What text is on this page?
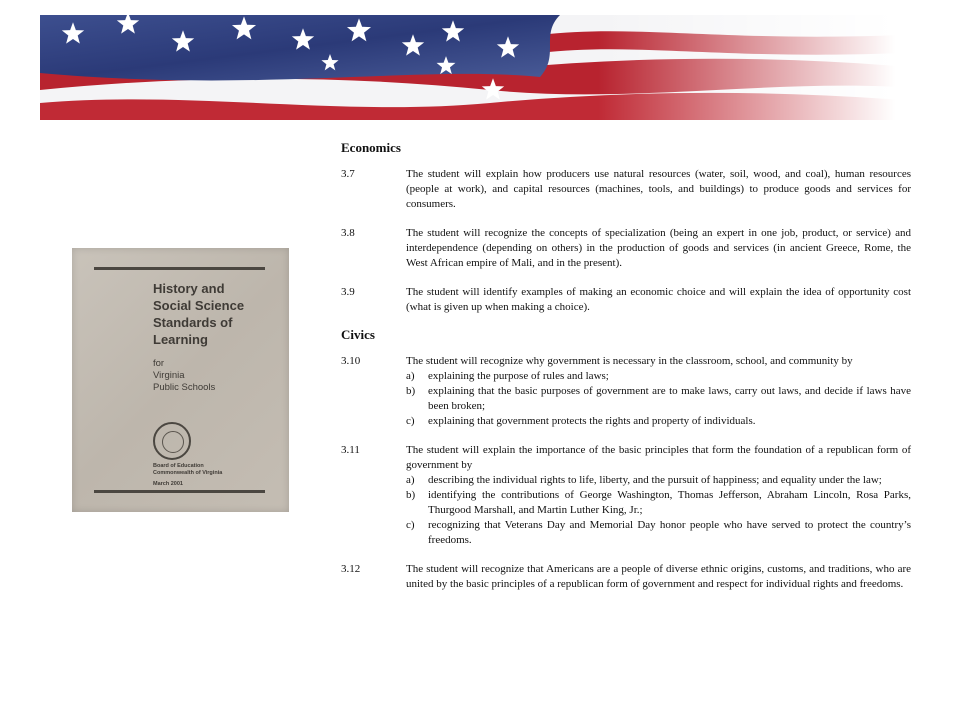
History and
Social Science
Standards of
Learning
for
Virginia
Public Schools
Board of Education
Commonwealth of Virginia
March 2001
Economics
3.7	The student will explain how producers use natural resources (water, soil, wood, and coal), human resources (people at work), and capital resources (machines, tools, and buildings) to produce goods and services for consumers.
3.8	The student will recognize the concepts of specialization (being an expert in one job, product, or service) and interdependence (depending on others) in the production of goods and services (in ancient Greece, Rome, the West African empire of Mali, and in the present).
3.9	The student will identify examples of making an economic choice and will explain the idea of opportunity cost (what is given up when making a choice).
Civics
3.10	The student will recognize why government is necessary in the classroom, school, and community by
a)	explaining the purpose of rules and laws;
b)	explaining that the basic purposes of government are to make laws, carry out laws, and decide if laws have been broken;
c)	explaining that government protects the rights and property of individuals.
3.11	The student will explain the importance of the basic principles that form the foundation of a republican form of government by
a)	describing the individual rights to life, liberty, and the pursuit of happiness; and equality under the law;
b)	identifying the contributions of George Washington, Thomas Jefferson, Abraham Lincoln, Rosa Parks, Thurgood Marshall, and Martin Luther King, Jr.;
c)	recognizing that Veterans Day and Memorial Day honor people who have served to protect the country’s freedoms.
3.12	The student will recognize that Americans are a people of diverse ethnic origins, customs, and traditions, who are united by the basic principles of a republican form of government and respect for individual rights and freedoms.
